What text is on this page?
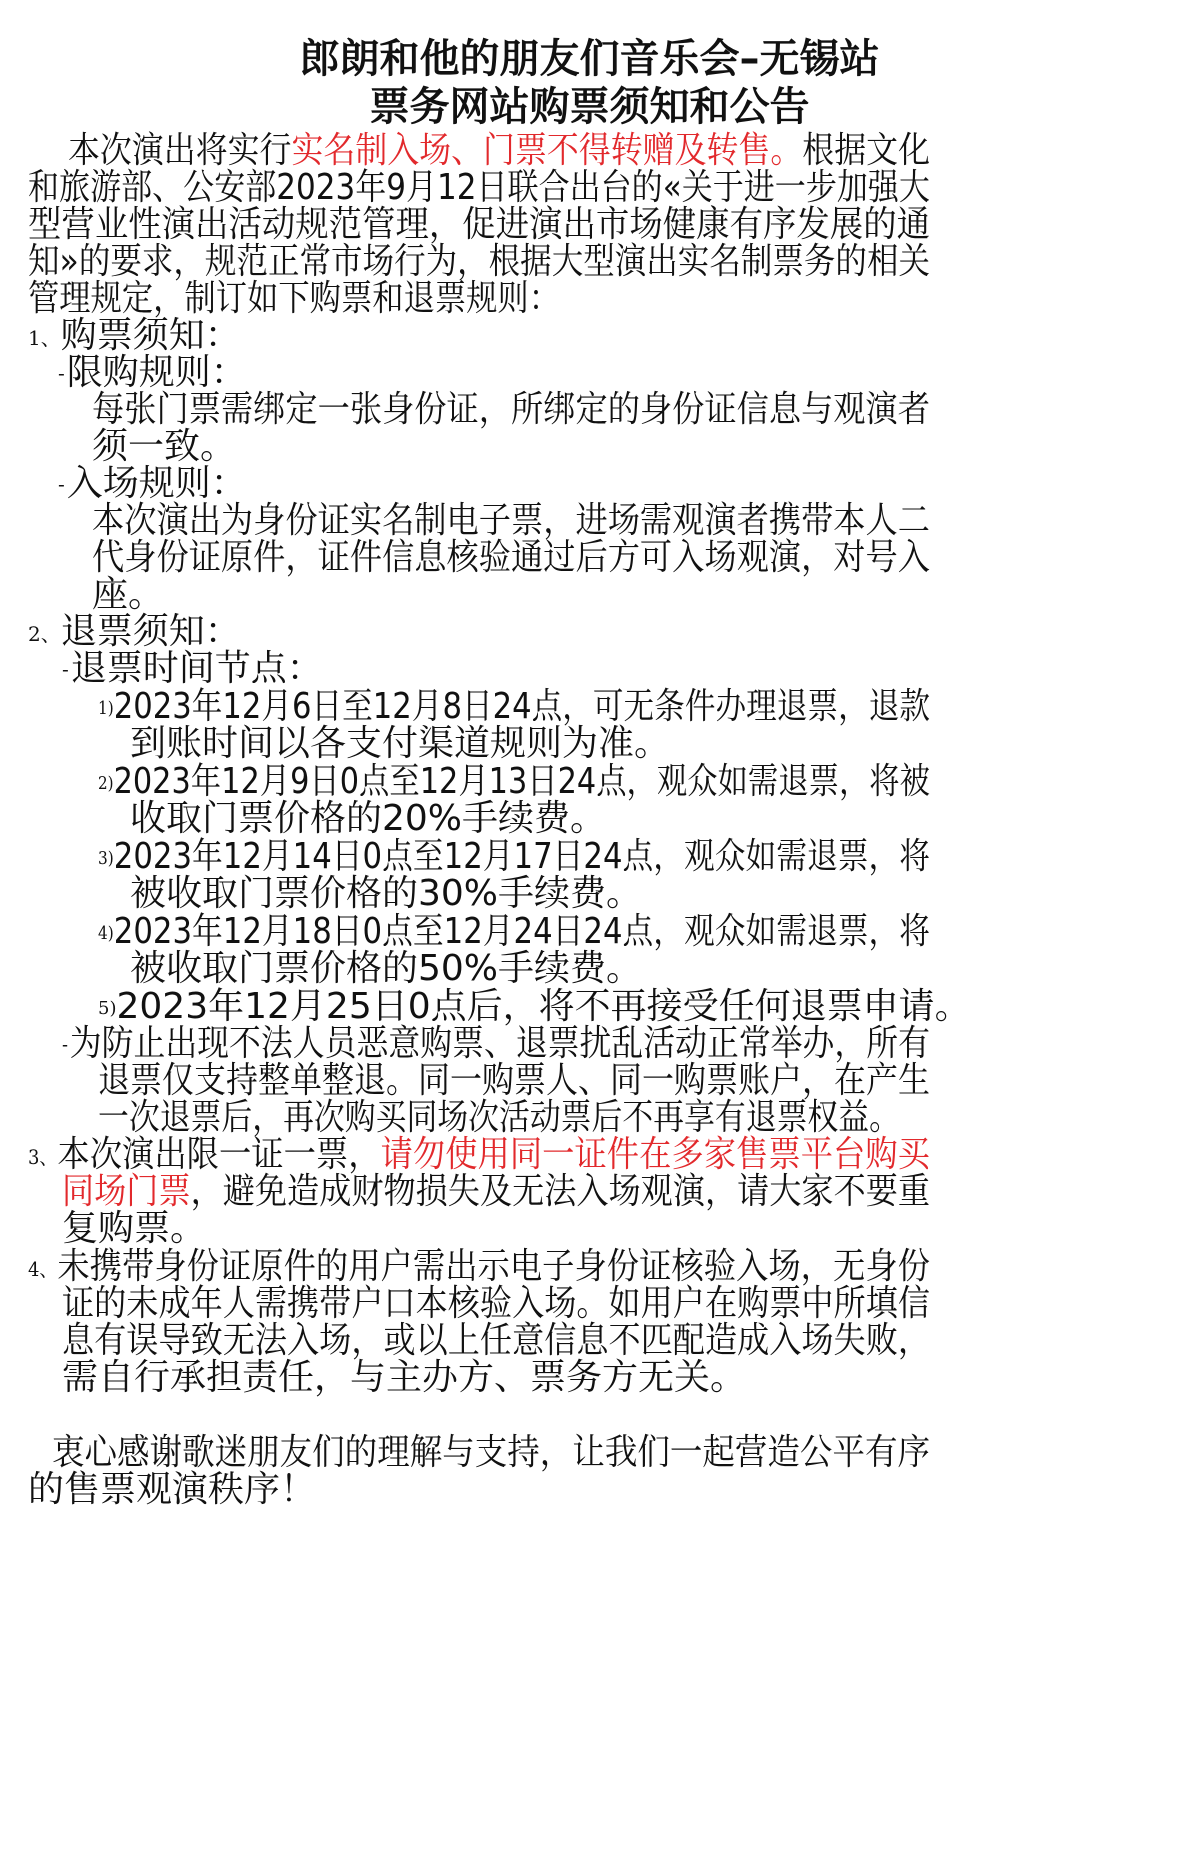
郎朗和他的朋友们音乐会–无锡站
票务网站购票须知和公告
本次演出将实行实名制入场、门票不得转赠及转售。根据文化
和旅游部、公安部2023年9月12日联合出台的«关于进一步加强大
型营业性演出活动规范管理，促进演出市场健康有序发展的通
知»的要求，规范正常市场行为，根据大型演出实名制票务的相关
管理规定，制订如下购票和退票规则：
1、购票须知：
-限购规则：
每张门票需绑定一张身份证，所绑定的身份证信息与观演者
须一致。
-入场规则：
本次演出为身份证实名制电子票，进场需观演者携带本人二
代身份证原件，证件信息核验通过后方可入场观演，对号入
座。
2、退票须知：
-退票时间节点：
1)2023年12月6日至12月8日24点，可无条件办理退票，退款
到账时间以各支付渠道规则为准。
2)2023年12月9日0点至12月13日24点，观众如需退票，将被
收取门票价格的20%手续费。
3)2023年12月14日0点至12月17日24点，观众如需退票，将
被收取门票价格的30%手续费。
4)2023年12月18日0点至12月24日24点，观众如需退票，将
被收取门票价格的50%手续费。
5)2023年12月25日0点后，将不再接受任何退票申请。
-为防止出现不法人员恶意购票、退票扰乱活动正常举办，所有
退票仅支持整单整退。同一购票人、同一购票账户，在产生
一次退票后，再次购买同场次活动票后不再享有退票权益。
3、本次演出限一证一票，请勿使用同一证件在多家售票平台购买
同场门票，避免造成财物损失及无法入场观演，请大家不要重
复购票。
4、未携带身份证原件的用户需出示电子身份证核验入场，无身份
证的未成年人需携带户口本核验入场。如用户在购票中所填信
息有误导致无法入场，或以上任意信息不匹配造成入场失败，
需自行承担责任，与主办方、票务方无关。
衷心感谢歌迷朋友们的理解与支持，让我们一起营造公平有序
的售票观演秩序！
